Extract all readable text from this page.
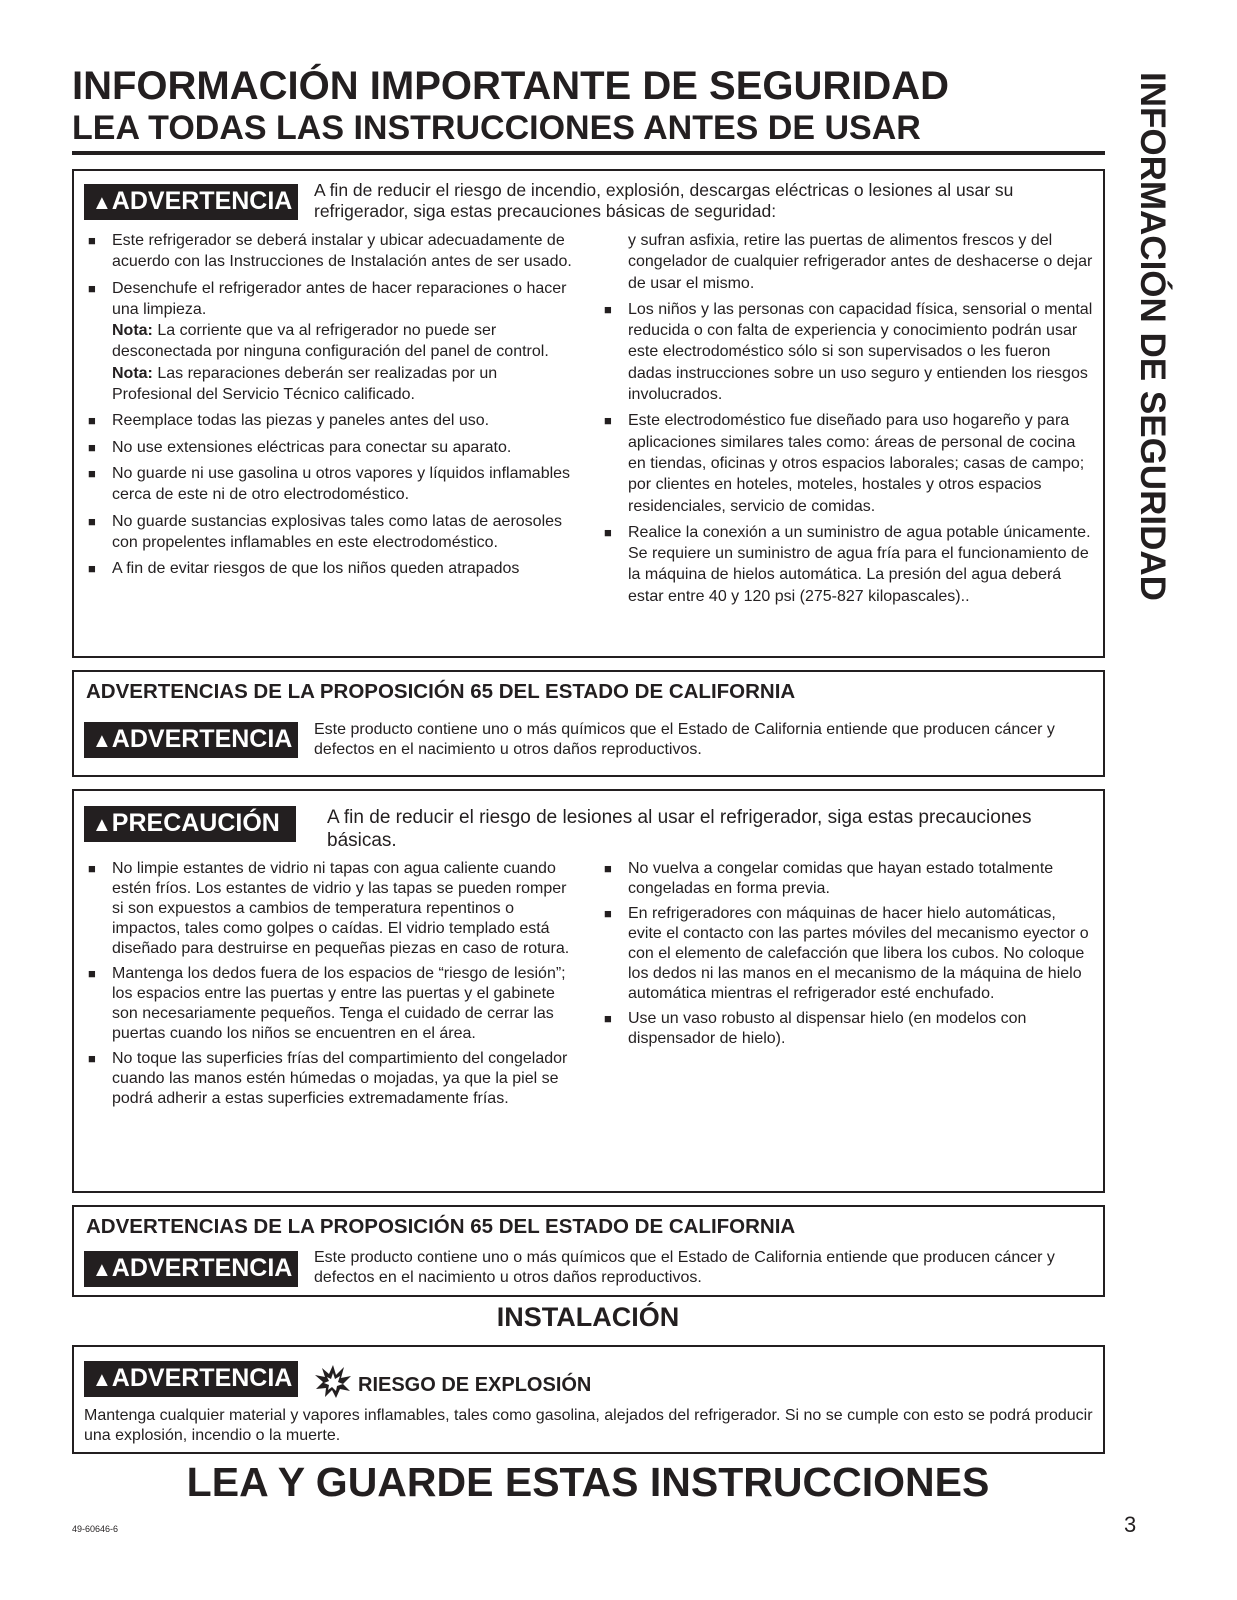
INFORMACIÓN IMPORTANTE DE SEGURIDAD
LEA TODAS LAS INSTRUCCIONES ANTES DE USAR	INFORMACIÓN DE SEGURIDAD
▲ADVERTENCIA	A fin de reducir el riesgo de incendio, explosión, descargas eléctricas o lesiones al usar su refrigerador, siga estas precauciones básicas de seguridad:
■ Este refrigerador se deberá instalar y ubicar adecuadamente de acuerdo con las Instrucciones de Instalación antes de ser usado.
■ Desenchufe el refrigerador antes de hacer reparaciones o hacer una limpieza.
Nota: La corriente que va al refrigerador no puede ser desconectada por ninguna configuración del panel de control.
Nota: Las reparaciones deberán ser realizadas por un Profesional del Servicio Técnico calificado.
■ Reemplace todas las piezas y paneles antes del uso.
■ No use extensiones eléctricas para conectar su aparato.
■ No guarde ni use gasolina u otros vapores y líquidos inflamables cerca de este ni de otro electrodoméstico.
■ No guarde sustancias explosivas tales como latas de aerosoles con propelentes inflamables en este electrodoméstico.
■ A fin de evitar riesgos de que los niños queden atrapados
y sufran asfixia, retire las puertas de alimentos frescos y del congelador de cualquier refrigerador antes de deshacerse o dejar de usar el mismo.
■ Los niños y las personas con capacidad física, sensorial o mental reducida o con falta de experiencia y conocimiento podrán usar este electrodoméstico sólo si son supervisados o les fueron dadas instrucciones sobre un uso seguro y entienden los riesgos involucrados.
■ Este electrodoméstico fue diseñado para uso hogareño y para aplicaciones similares tales como: áreas de personal de cocina en tiendas, oficinas y otros espacios laborales; casas de campo; por clientes en hoteles, moteles, hostales y otros espacios residenciales, servicio de comidas.
■ Realice la conexión a un suministro de agua potable únicamente. Se requiere un suministro de agua fría para el funcionamiento de la máquina de hielos automática. La presión del agua deberá estar entre 40 y 120 psi (275-827 kilopascales)..
ADVERTENCIAS DE LA PROPOSICIÓN 65 DEL ESTADO DE CALIFORNIA
▲ADVERTENCIA	Este producto contiene uno o más químicos que el Estado de California entiende que producen cáncer y defectos en el nacimiento u otros daños reproductivos.
▲PRECAUCIÓN	A fin de reducir el riesgo de lesiones al usar el refrigerador, siga estas precauciones básicas.
■ No limpie estantes de vidrio ni tapas con agua caliente cuando estén fríos. Los estantes de vidrio y las tapas se pueden romper si son expuestos a cambios de temperatura repentinos o impactos, tales como golpes o caídas. El vidrio templado está diseñado para destruirse en pequeñas piezas en caso de rotura.
■ Mantenga los dedos fuera de los espacios de “riesgo de lesión”; los espacios entre las puertas y entre las puertas y el gabinete son necesariamente pequeños. Tenga el cuidado de cerrar las puertas cuando los niños se encuentren en el área.
■ No toque las superficies frías del compartimiento del congelador cuando las manos estén húmedas o mojadas, ya que la piel se podrá adherir a estas superficies extremadamente frías.
■ No vuelva a congelar comidas que hayan estado totalmente congeladas en forma previa.
■ En refrigeradores con máquinas de hacer hielo automáticas, evite el contacto con las partes móviles del mecanismo eyector o con el elemento de calefacción que libera los cubos. No coloque los dedos ni las manos en el mecanismo de la máquina de hielo automática mientras el refrigerador esté enchufado.
■ Use un vaso robusto al dispensar hielo (en modelos con dispensador de hielo).
ADVERTENCIAS DE LA PROPOSICIÓN 65 DEL ESTADO DE CALIFORNIA
▲ADVERTENCIA	Este producto contiene uno o más químicos que el Estado de California entiende que producen cáncer y defectos en el nacimiento u otros daños reproductivos.
INSTALACIÓN
▲ADVERTENCIA	RIESGO DE EXPLOSIÓN
Mantenga cualquier material y vapores inflamables, tales como gasolina, alejados del refrigerador. Si no se cumple con esto se podrá producir una explosión, incendio o la muerte.
LEA Y GUARDE ESTAS INSTRUCCIONES
49-60646-6	3
